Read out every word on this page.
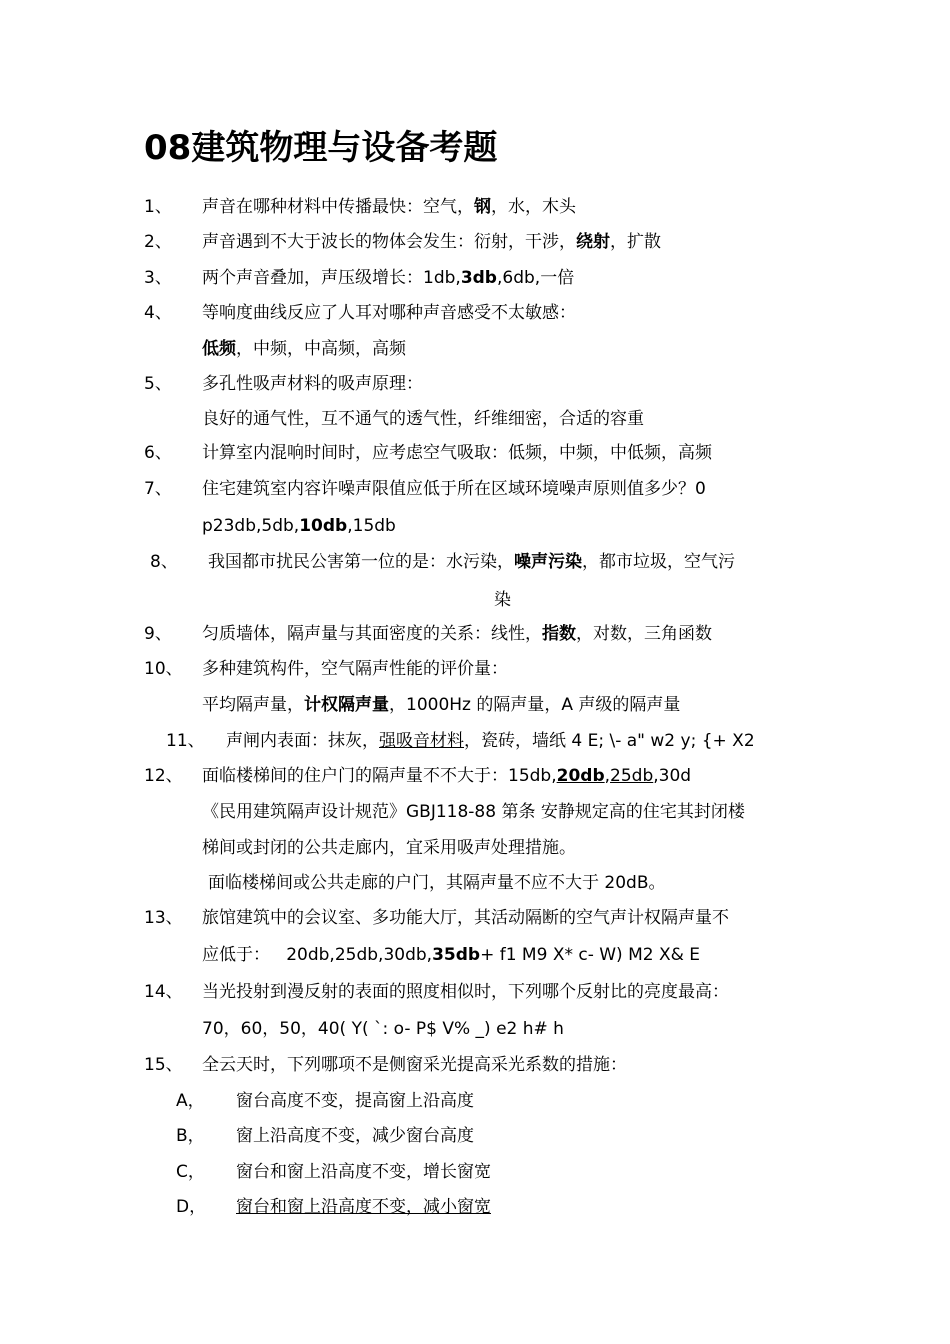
08建筑物理与设备考题
1、 声音在哪种材料中传播最快：空气，钢，水，木头
2、 声音遇到不大于波长的物体会发生：衍射，干涉，绕射，扩散
3、 两个声音叠加，声压级增长：1db,3db,6db,一倍
4、 等响度曲线反应了人耳对哪种声音感受不太敏感：
低频，中频，中高频，高频
5、 多孔性吸声材料的吸声原理：
良好的通气性，互不通气的透气性，纤维细密，合适的容重
6、 计算室内混响时间时，应考虑空气吸取：低频，中频，中低频，高频
7、 住宅建筑室内容许噪声限值应低于所在区域环境噪声原则值多少？0
p23db,5db,10db,15db
8、 我国都市扰民公害第一位的是：水污染，噪声污染，都市垃圾，空气污
染
9、 匀质墙体，隔声量与其面密度的关系：线性，指数，对数，三角函数
10、 多种建筑构件，空气隔声性能的评价量：
平均隔声量，计权隔声量，1000Hz 的隔声量，A 声级的隔声量
11、 声闸内表面：抹灰，强吸音材料，瓷砖，墙纸 4 E; \- a" w2 y; {+ X2
12、 面临楼梯间的住户门的隔声量不不大于：15db,20db,25db,30d
《民用建筑隔声设计规范》GBJ118-88 第条 安静规定高的住宅其封闭楼
梯间或封闭的公共走廊内，宜采用吸声处理措施。
面临楼梯间或公共走廊的户门，其隔声量不应不大于 20dB。
13、 旅馆建筑中的会议室、多功能大厅，其活动隔断的空气声计权隔声量不
应低于：   20db,25db,30db,35db+ f1 M9 X* c- W) M2 X& E
14、 当光投射到漫反射的表面的照度相似时，下列哪个反射比的亮度最高：
70，60，50，40( Y( `: o- P$ V% _) e2 h# h
15、 全云天时，下列哪项不是侧窗采光提高采光系数的措施：
A， 窗台高度不变，提高窗上沿高度
B， 窗上沿高度不变，减少窗台高度
C， 窗台和窗上沿高度不变，增长窗宽
D， 窗台和窗上沿高度不变，减小窗宽
